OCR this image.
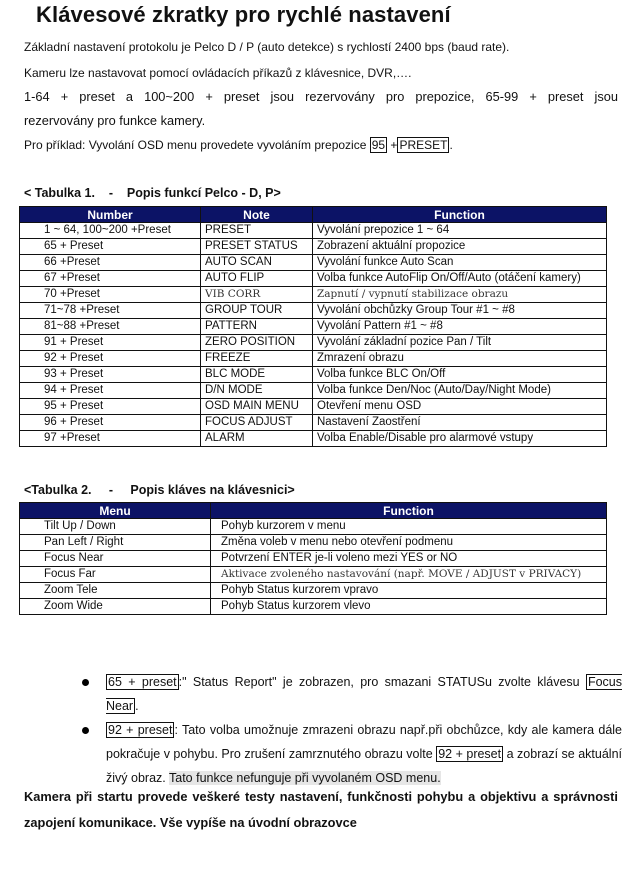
Klávesové zkratky pro rychlé nastavení

Základní nastavení protokolu je Pelco D / P (auto detekce) s rychlostí 2400 bps (baud rate).

Kameru lze nastavovat pomocí ovládacích příkazů z klávesnice, DVR,….

1-64 + preset a 100~200 + preset jsou rezervovány pro prepozice, 65-99 + preset jsou

rezervovány pro funkce kamery.

Pro příklad: Vyvolání OSD menu provedete vyvoláním prepozice 95 + PRESET .

< Tabulka 1.    -    Popis funkcí Pelco - D, P>
Number	Note	Function
1 ~ 64, 100~200 +Preset	PRESET	Vyvolání prepozice 1 ~ 64
65 + Preset	PRESET STATUS	Zobrazení aktuální propozice
66 +Preset	AUTO SCAN	Vyvolání funkce Auto Scan
67 +Preset	AUTO FLIP	Volba funkce AutoFlip On/Off/Auto (otáčení kamery)
70 +Preset	VIB CORR	Zapnutí / vypnutí stabilizace obrazu
71~78 +Preset	GROUP TOUR	Vyvolání obchůzky Group Tour #1 ~ #8
81~88 +Preset	PATTERN	Vyvolání Pattern #1 ~ #8
91 + Preset	ZERO POSITION	Vyvolání základní pozice Pan / Tilt
92 + Preset	FREEZE	Zmrazení obrazu
93 + Preset	BLC MODE	Volba funkce BLC On/Off
94 + Preset	D/N MODE	Volba funkce Den/Noc (Auto/Day/Night Mode)
95 + Preset	OSD MAIN MENU	Otevření menu OSD
96 + Preset	FOCUS ADJUST	Nastavení Zaostření
97 +Preset	ALARM	Volba Enable/Disable pro alarmové vstupy
<Tabulka 2.     -     Popis kláves na klávesnici>
Menu	Function
Tilt Up / Down	Pohyb kurzorem v menu
Pan Left / Right	Změna voleb v menu nebo otevření podmenu
Focus Near	Potvrzení ENTER je-li voleno mezi YES or NO
Focus Far	Aktivace zvoleného nastavování (např. MOVE / ADJUST v PRIVACY)
Zoom Tele	Pohyb Status kurzorem vpravo
Zoom Wide	Pohyb Status kurzorem vlevo
65 + preset :" Status Report" je zobrazen, pro smazani STATUSu zvolte klávesu Focus Near .
92 + preset : Tato volba umožnuje zmrazeni obrazu např.při obchůzce, kdy ale kamera dále pokračuje v pohybu. Pro zrušení zamrznutého obrazu volte 92 + preset a zobrazí se aktuální živý obraz. Tato funkce nefunguje při vyvolaném OSD menu.

Kamera při startu provede veškeré testy nastavení, funkčnosti pohybu a objektivu a správnosti zapojení komunikace. Vše vypíše na úvodní obrazovce
